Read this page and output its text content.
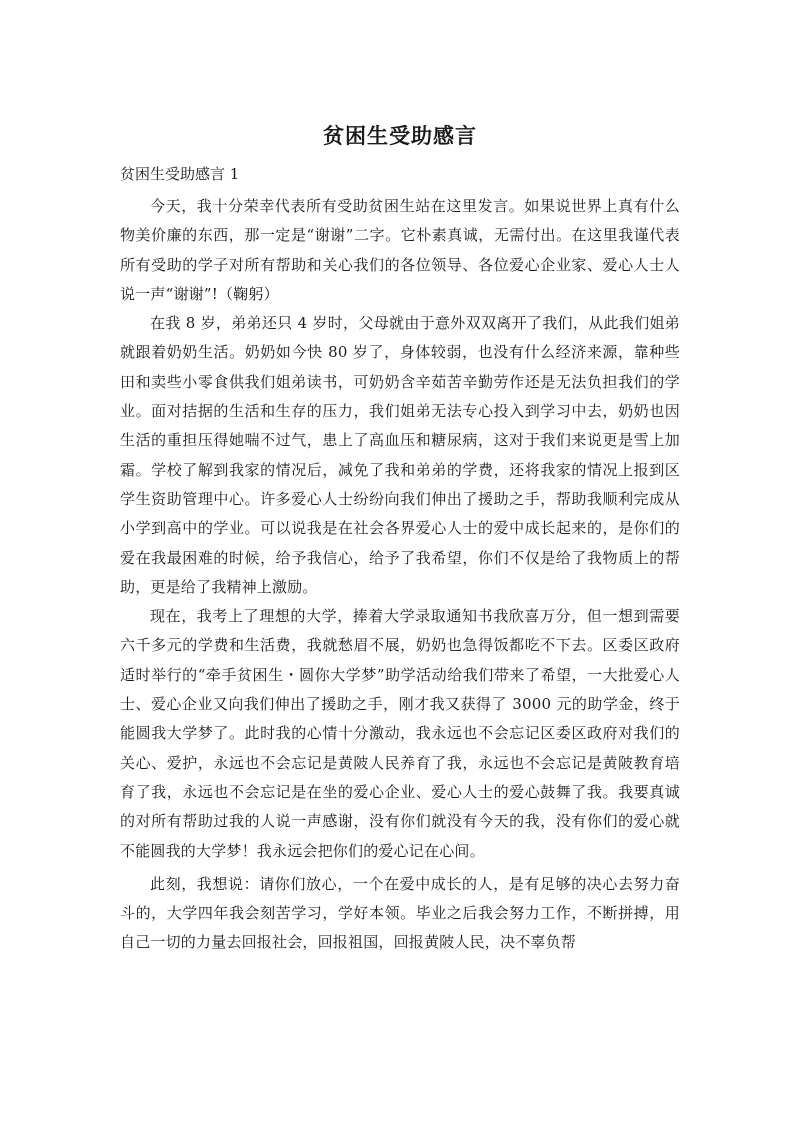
贫困生受助感言
贫困生受助感言 1

今天，我十分荣幸代表所有受助贫困生站在这里发言。如果说世界上真有什么物美价廉的东西，那一定是“谢谢”二字。它朴素真诚，无需付出。在这里我谨代表所有受助的学子对所有帮助和关心我们的各位领导、各位爱心企业家、爱心人士人说一声“谢谢”!（鞠躬）

在我 8 岁，弟弟还只 4 岁时，父母就由于意外双双离开了我们，从此我们姐弟就跟着奶奶生活。奶奶如今快 80 岁了，身体较弱，也没有什么经济来源，靠种些田和卖些小零食供我们姐弟读书，可奶奶含辛茹苦辛勤劳作还是无法负担我们的学业。面对拮据的生活和生存的压力，我们姐弟无法专心投入到学习中去，奶奶也因生活的重担压得她喘不过气，患上了高血压和糖尿病，这对于我们来说更是雪上加霜。学校了解到我家的情况后，减免了我和弟弟的学费，还将我家的情况上报到区学生资助管理中心。许多爱心人士纷纷向我们伸出了援助之手，帮助我顺利完成从小学到高中的学业。可以说我是在社会各界爱心人士的爱中成长起来的，是你们的爱在我最困难的时候，给予我信心，给予了我希望，你们不仅是给了我物质上的帮助，更是给了我精神上激励。

现在，我考上了理想的大学，捧着大学录取通知书我欣喜万分，但一想到需要六千多元的学费和生活费，我就愁眉不展，奶奶也急得饭都吃不下去。区委区政府适时举行的“牵手贫困生・圆你大学梦”助学活动给我们带来了希望，一大批爱心人士、爱心企业又向我们伸出了援助之手，刚才我又获得了 3000 元的助学金，终于能圆我大学梦了。此时我的心情十分激动，我永远也不会忘记区委区政府对我们的关心、爱护，永远也不会忘记是黄陂人民养育了我，永远也不会忘记是黄陂教育培育了我，永远也不会忘记是在坐的爱心企业、爱心人士的爱心鼓舞了我。我要真诚的对所有帮助过我的人说一声感谢，没有你们就没有今天的我，没有你们的爱心就不能圆我的大学梦！我永远会把你们的爱心记在心间。

此刻，我想说：请你们放心，一个在爱中成长的人，是有足够的决心去努力奋斗的，大学四年我会刻苦学习，学好本领。毕业之后我会努力工作，不断拼搏，用自己一切的力量去回报社会，回报祖国，回报黄陂人民，决不辜负帮
